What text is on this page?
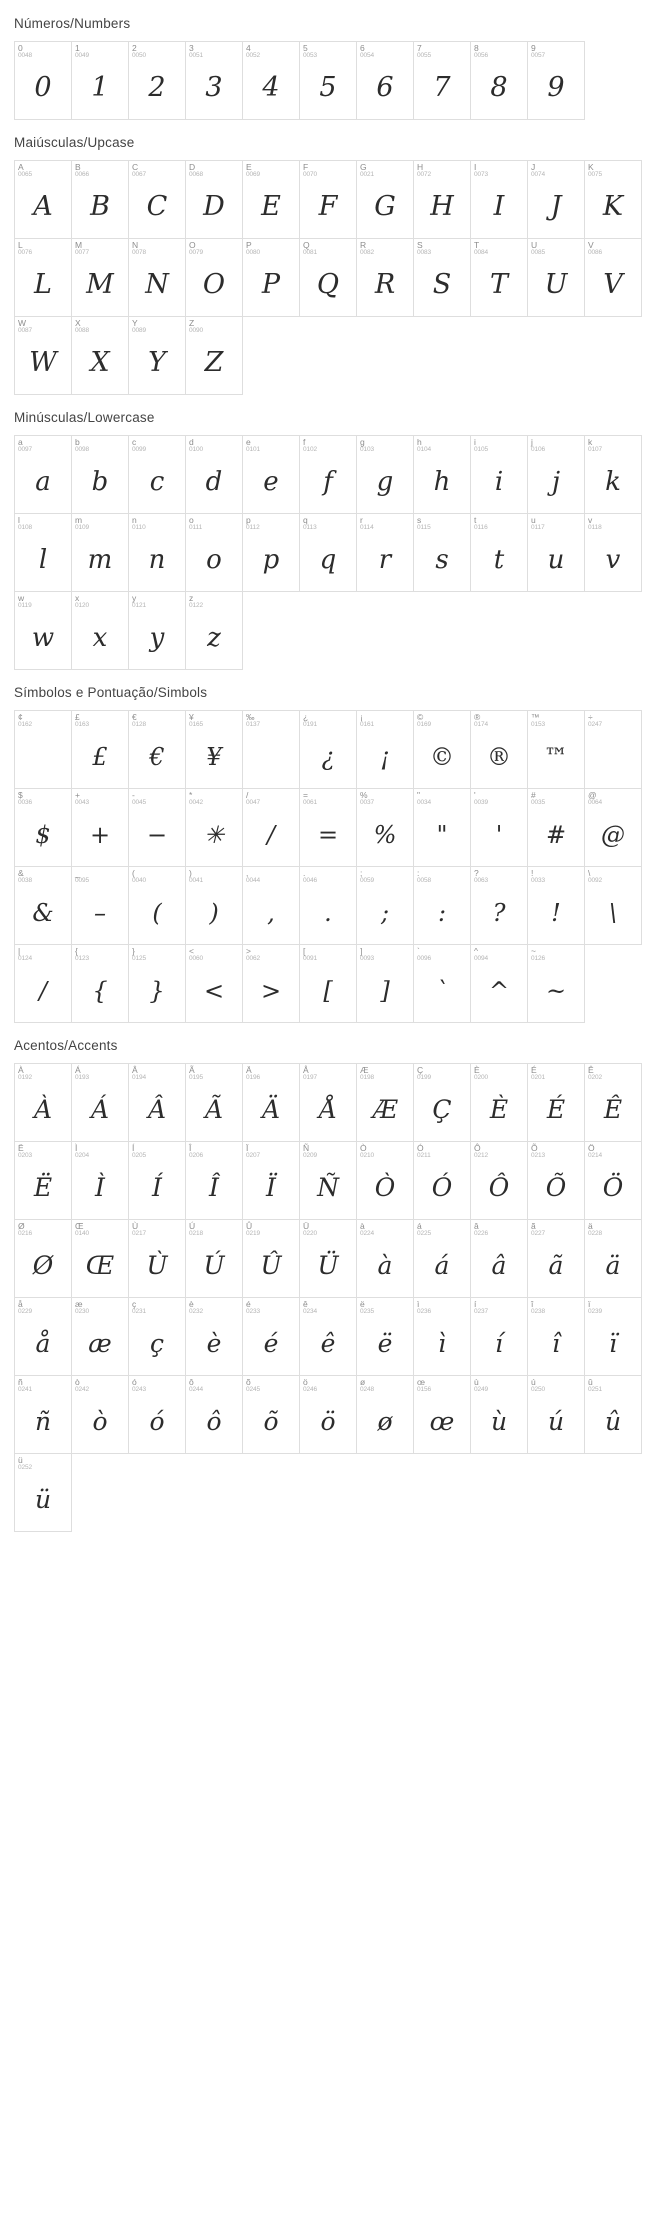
Números/Numbers
0
0048
0
1
0049
1
2
0050
2
3
0051
3
4
0052
4
5
0053
5
6
0054
6
7
0055
7
8
0056
8
9
0057
9
Maiúsculas/Upcase
A
0065
A
B
0066
B
C
0067
C
D
0068
D
E
0069
E
F
0070
F
G
0021
G
H
0072
H
I
0073
I
J
0074
J
K
0075
K
L
0076
L
M
0077
M
N
0078
N
O
0079
O
P
0080
P
Q
0081
Q
R
0082
R
S
0083
S
T
0084
T
U
0085
U
V
0086
V
W
0087
W
X
0088
X
Y
0089
Y
Z
0090
Z
Minúsculas/Lowercase
a
0097
a
b
0098
b
c
0099
c
d
0100
d
e
0101
e
f
0102
f
g
0103
g
h
0104
h
i
0105
i
j
0106
j
k
0107
k
l
0108
l
m
0109
m
n
0110
n
o
0111
o
p
0112
p
q
0113
q
r
0114
r
s
0115
s
t
0116
t
u
0117
u
v
0118
v
w
0119
w
x
0120
x
y
0121
y
z
0122
z
Símbolos e Pontuação/Simbols
¢
0162
£
0163
£
€
0128
€
¥
0165
¥
‰
0137
¿
0191
¿
¡
0161
¡
©
0169
©
®
0174
®
™
0153
™
÷
0247
$
0036
$
+
0043
+
-
0045
−
*
0042
✳
/
0047
/
=
0061
=
%
0037
%
"
0034
"
'
0039
'
#
0035
#
@
0064
@
&
0038
&
_
0095
–
(
0040
(
)
0041
)
,
0044
,
.
0046
.
;
0059
;
:
0058
:
?
0063
?
!
0033
!
\
0092
\
|
0124
/
{
0123
{
}
0125
}
<
0060
<
>
0062
>
[
0091
[
]
0093
]
`
0096
`
^
0094
^
~
0126
~
Acentos/Accents
À
0192
À
Á
0193
Á
Â
0194
Â
Ã
0195
Ã
Ä
0196
Ä
Å
0197
Å
Æ
0198
Æ
Ç
0199
Ç
È
0200
È
É
0201
É
Ê
0202
Ê
Ë
0203
Ë
Ì
0204
Ì
Í
0205
Í
Î
0206
Î
Ï
0207
Ï
Ñ
0209
Ñ
Ò
0210
Ò
Ó
0211
Ó
Ô
0212
Ô
Õ
0213
Õ
Ö
0214
Ö
Ø
0216
Ø
Œ
0140
Œ
Ù
0217
Ù
Ú
0218
Ú
Û
0219
Û
Ü
0220
Ü
à
0224
à
á
0225
á
â
0226
â
ã
0227
ã
ä
0228
ä
å
0229
å
æ
0230
æ
ç
0231
ç
è
0232
è
é
0233
é
ê
0234
ê
ë
0235
ë
ì
0236
ì
í
0237
í
î
0238
î
ï
0239
ï
ñ
0241
ñ
ò
0242
ò
ó
0243
ó
ô
0244
ô
õ
0245
õ
ö
0246
ö
ø
0248
ø
œ
0156
œ
ù
0249
ù
ú
0250
ú
û
0251
û
ü
0252
ü
